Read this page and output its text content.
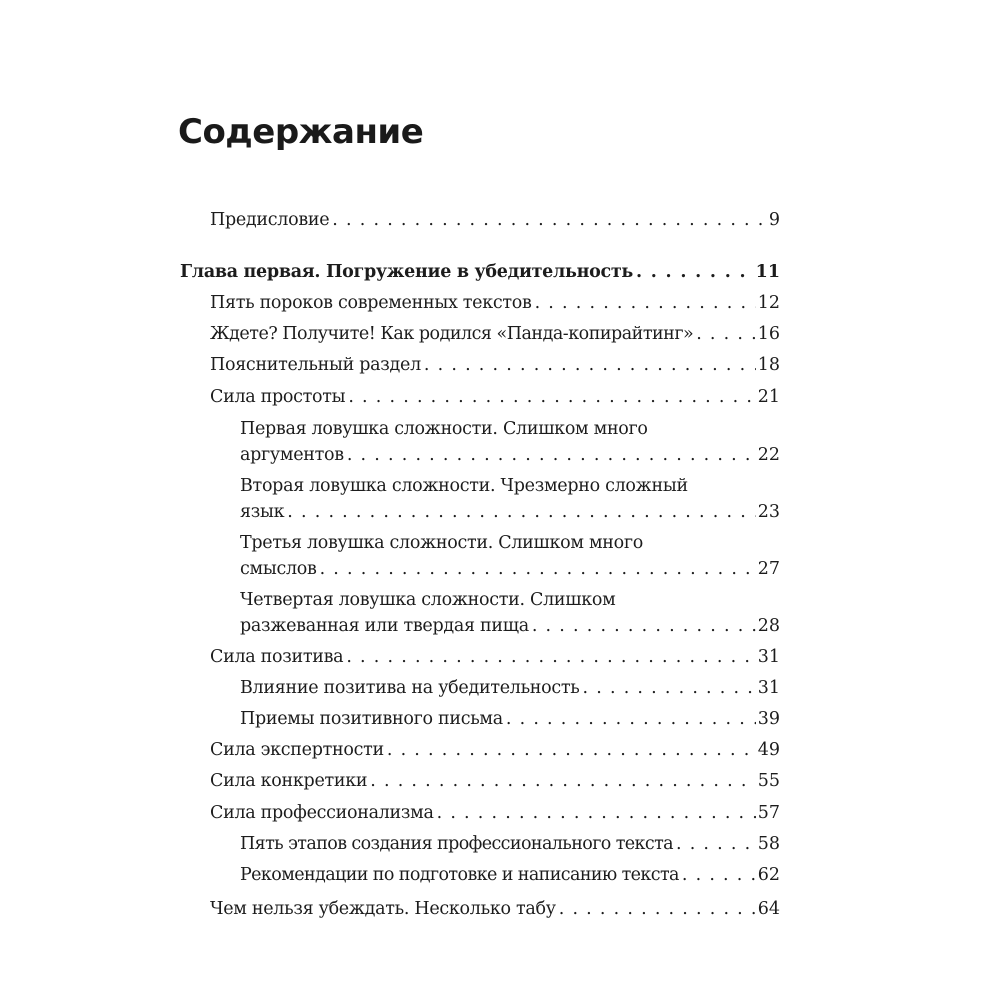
Содержание
Предисловие . . .	9
Глава первая. Погружение в убедительность . . .	11
Пять пороков современных текстов . . .	12
Ждете? Получите! Как родился «Панда-копирайтинг» . . .	16
Пояснительный раздел . . .	18
Сила простоты . . .	21
Первая ловушка сложности. Слишком много
аргументов . . .	22
Вторая ловушка сложности. Чрезмерно сложный
язык . . .	23
Третья ловушка сложности. Слишком много
смыслов . . .	27
Четвертая ловушка сложности. Слишком
разжеванная или твердая пища . . .	28
Сила позитива . . .	31
Влияние позитива на убедительность . . .	31
Приемы позитивного письма . . .	39
Сила экспертности . . .	49
Сила конкретики . . .	55
Сила профессионализма . . .	57
Пять этапов создания профессионального текста . . .	58
Рекомендации по подготовке и написанию текста . . .	62
Чем нельзя убеждать. Несколько табу . . .	64
